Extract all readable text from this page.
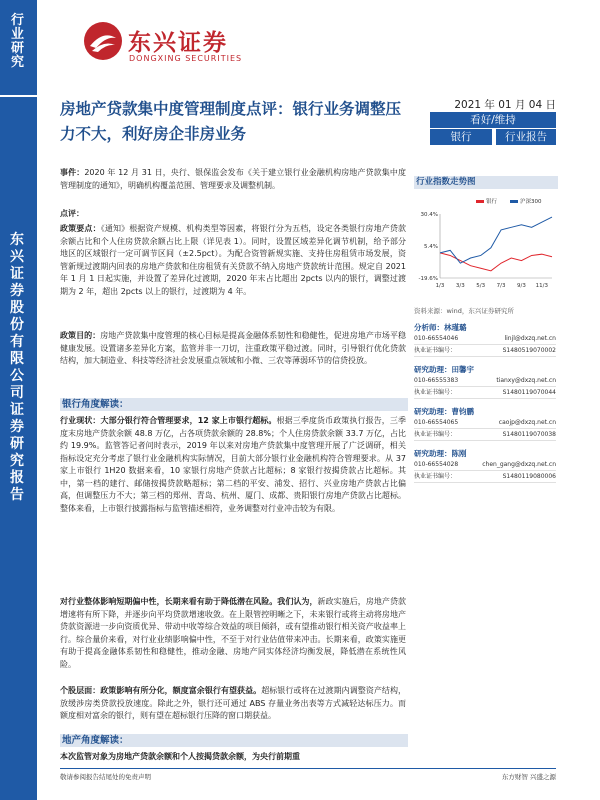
行业研究
东兴证券股份有限公司证券研究报告
东兴证券
DONGXING SECURITIES
房地产贷款集中度管理制度点评：银行业务调整压力不大，利好房企非房业务
2021 年 01 月 04 日
看好/维持
银行	行业报告
事件：2020 年 12 月 31 日，央行、银保监会发布《关于建立银行业金融机构房地产贷款集中度管理制度的通知》，明确机构覆盖范围、管理要求及调整机制。
点评：
政策要点：《通知》根据资产规模、机构类型等因素，将银行分为五档，设定各类银行房地产贷款余额占比和个人住房贷款余额占比上限（详见表 1）。同时，设置区域差异化调节机制，给予部分地区的区域银行一定可调节区间（±2.5pct）。为配合资管新规实施、支持住房租赁市场发展，资管新规过渡期内回表的房地产贷款和住房租赁有关贷款不纳入房地产贷款统计范围。规定自 2021 年 1 月 1 日起实施，并设置了差异化过渡期，2020 年末占比超出 2pcts 以内的银行，调整过渡期为 2 年，超出 2pcts 以上的银行，过渡期为 4 年。
政策目的：房地产贷款集中度管理的核心目标是提高金融体系韧性和稳健性，促进房地产市场平稳健康发展。设置诸多差异化方案，监管并非一刀切，注重政策平稳过渡。同时，引导银行优化贷款结构，加大制造业、科技等经济社会发展重点领域和小微、三农等薄弱环节的信贷投放。
银行角度解读：
行业现状：大部分银行符合管理要求，12 家上市银行超标。根据三季度货币政策执行报告，三季度末房地产贷款余额 48.8 万亿，占各项贷款余额的 28.8%；个人住房贷款余额 33.7 万亿，占比约 19.9%。监管答记者问时表示，2019 年以来对房地产贷款集中度管理开展了广泛调研，相关指标设定充分考虑了银行业金融机构实际情况，目前大部分银行业金融机构符合管理要求。从 37 家上市银行 1H20 数据来看，10 家银行房地产贷款占比超标；8 家银行按揭贷款占比超标。其中，第一档的建行、邮储按揭贷款略超标；第二档的平安、浦发、招行、兴业房地产贷款占比偏高，但调整压力不大；第三档的郑州、青岛、杭州、厦门、成都、贵阳银行房地产贷款占比超标。整体来看，上市银行披露指标与监管描述相符，业务调整对行业冲击较为有限。
对行业整体影响短期偏中性，长期来看有助于降低潜在风险。我们认为，新政实施后，房地产贷款增速将有所下降，并逐步向平均贷款增速收敛。在上限管控明晰之下，未来银行或将主动将房地产贷款资源进一步向资质优异、带动中收等综合效益的项目倾斜，或有望推动银行相关资产收益率上行。综合量价来看，对行业业绩影响偏中性，不至于对行业估值带来冲击。长期来看，政策实施更有助于提高金融体系韧性和稳健性，推动金融、房地产同实体经济均衡发展，降低潜在系统性风险。
个股层面：政策影响有所分化，额度富余银行有望获益。超标银行或将在过渡期内调整资产结构，放缓涉房类贷款投放速度。除此之外，银行还可通过 ABS 存量业务出表等方式减轻达标压力。而额度相对富余的银行，则有望在超标银行压降的窗口期获益。
地产角度解读：
本次监管对象为房地产贷款余额和个人按揭贷款余额，为央行前期重
行业指数走势图
30.4%
5.4%
-19.6%
1/3 3/3 5/3 7/3 9/3 11/3
银行	沪深300
资料来源：wind，东兴证券研究所
分析师：林瑾璐
010-66554046	linjl@dxzq.net.cn
执业证书编号：	S1480519070002
研究助理：田馨宇
010-66555383	tianxy@dxzq.net.cn
执业证书编号：	S1480119070044
研究助理：曹钧鹏
010-66554065	caojp@dxzq.net.cn
执业证书编号：	S1480119070038
研究助理：陈刚
010-66554028	chen_gang@dxzq.net.cn
执业证书编号：	S1480119080006
敬请参阅报告结尾处的免责声明	东方财智 兴盛之源
